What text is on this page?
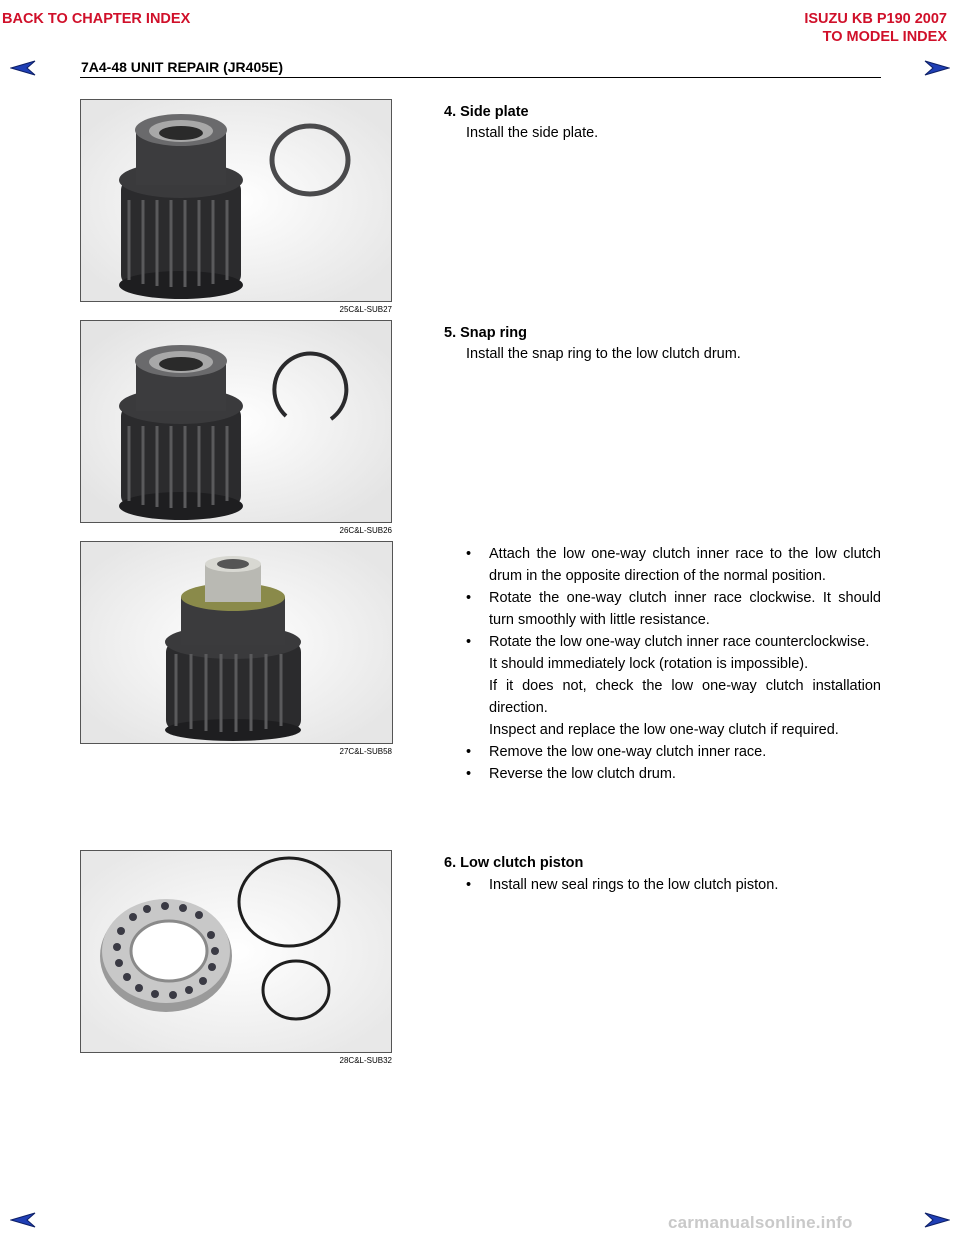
BACK TO CHAPTER INDEX	ISUZU KB P190 2007
TO MODEL INDEX
7A4-48 UNIT REPAIR (JR405E)
25C&L-SUB27
4. Side plate
Install the side plate.
26C&L-SUB26
5. Snap ring
Install the snap ring to the low clutch drum.
27C&L-SUB58
• Attach the low one-way clutch inner race to the low clutch drum in the opposite direction of the normal position.
• Rotate the one-way clutch inner race clockwise. It should turn smoothly with little resistance.
• Rotate the low one-way clutch inner race counterclockwise.
It should immediately lock (rotation is impossible).
If it does not, check the low one-way clutch installation direction.
Inspect and replace the low one-way clutch if required.
• Remove the low one-way clutch inner race.
• Reverse the low clutch drum.
28C&L-SUB32
6. Low clutch piston
• Install new seal rings to the low clutch piston.
carmanualsonline.info
